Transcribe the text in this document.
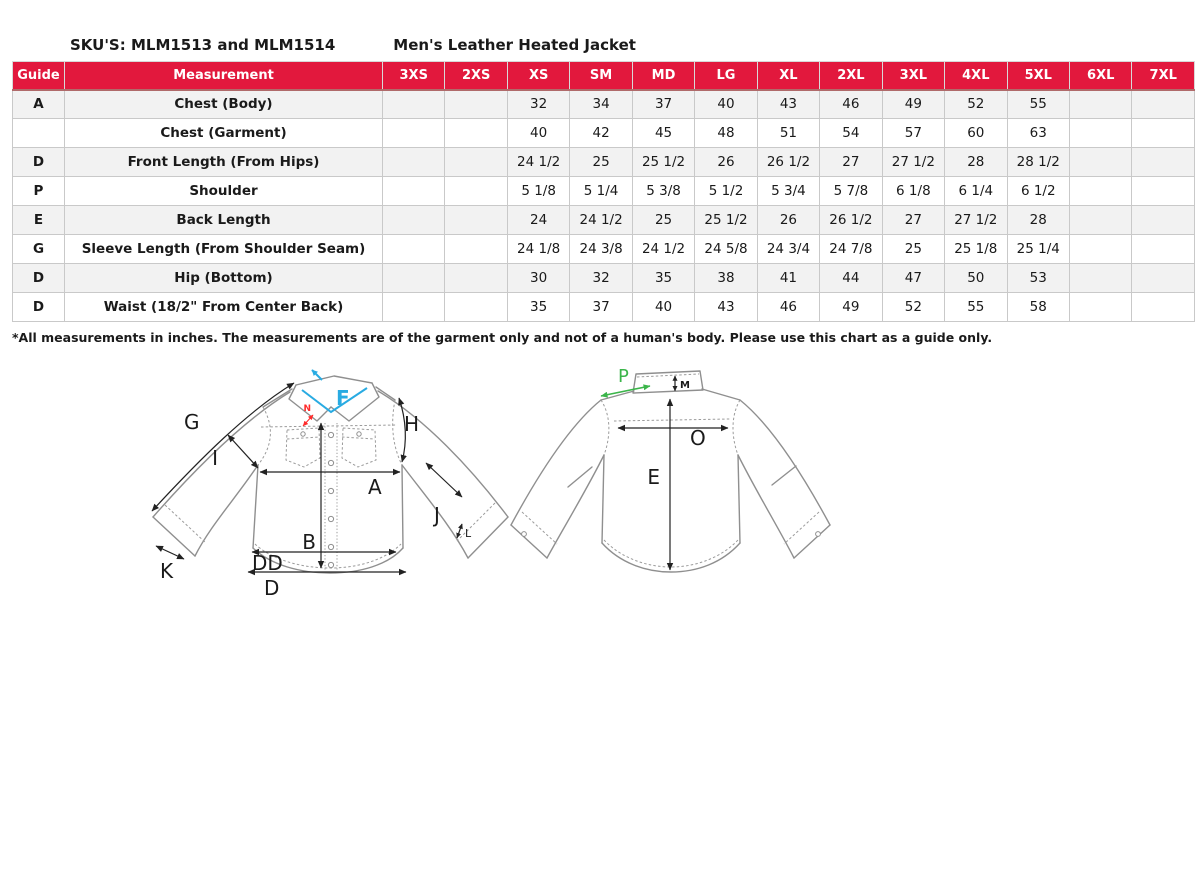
SKU'S: MLM1513 and MLM1514	Men's Leather Heated Jacket
Guide	Measurement	3XS	2XS	XS	SM	MD	LG	XL	2XL	3XL	4XL	5XL	6XL	7XL
A	Chest (Body)			32	34	37	40	43	46	49	52	55		
	Chest (Garment)			40	42	45	48	51	54	57	60	63		
D	Front Length (From Hips)			24 1/2	25	25 1/2	26	26 1/2	27	27 1/2	28	28 1/2		
P	Shoulder			5 1/8	5 1/4	5 3/8	5 1/2	5 3/4	5 7/8	6 1/8	6 1/4	6 1/2		
E	Back Length			24	24 1/2	25	25 1/2	26	26 1/2	27	27 1/2	28		
G	Sleeve Length (From Shoulder Seam)			24 1/8	24 3/8	24 1/2	24 5/8	24 3/4	24 7/8	25	25 1/8	25 1/4		
D	Hip (Bottom)			30	32	35	38	41	44	47	50	53		
D	Waist (18/2" From Center Back)			35	37	40	43	46	49	52	55	58		
*All measurements in inches. The measurements are of the garment only and not of a human's body. Please use this chart as a guide only.
F
N
G
I
H
A
B
J
K	DD
D
L
P	M
O
E
